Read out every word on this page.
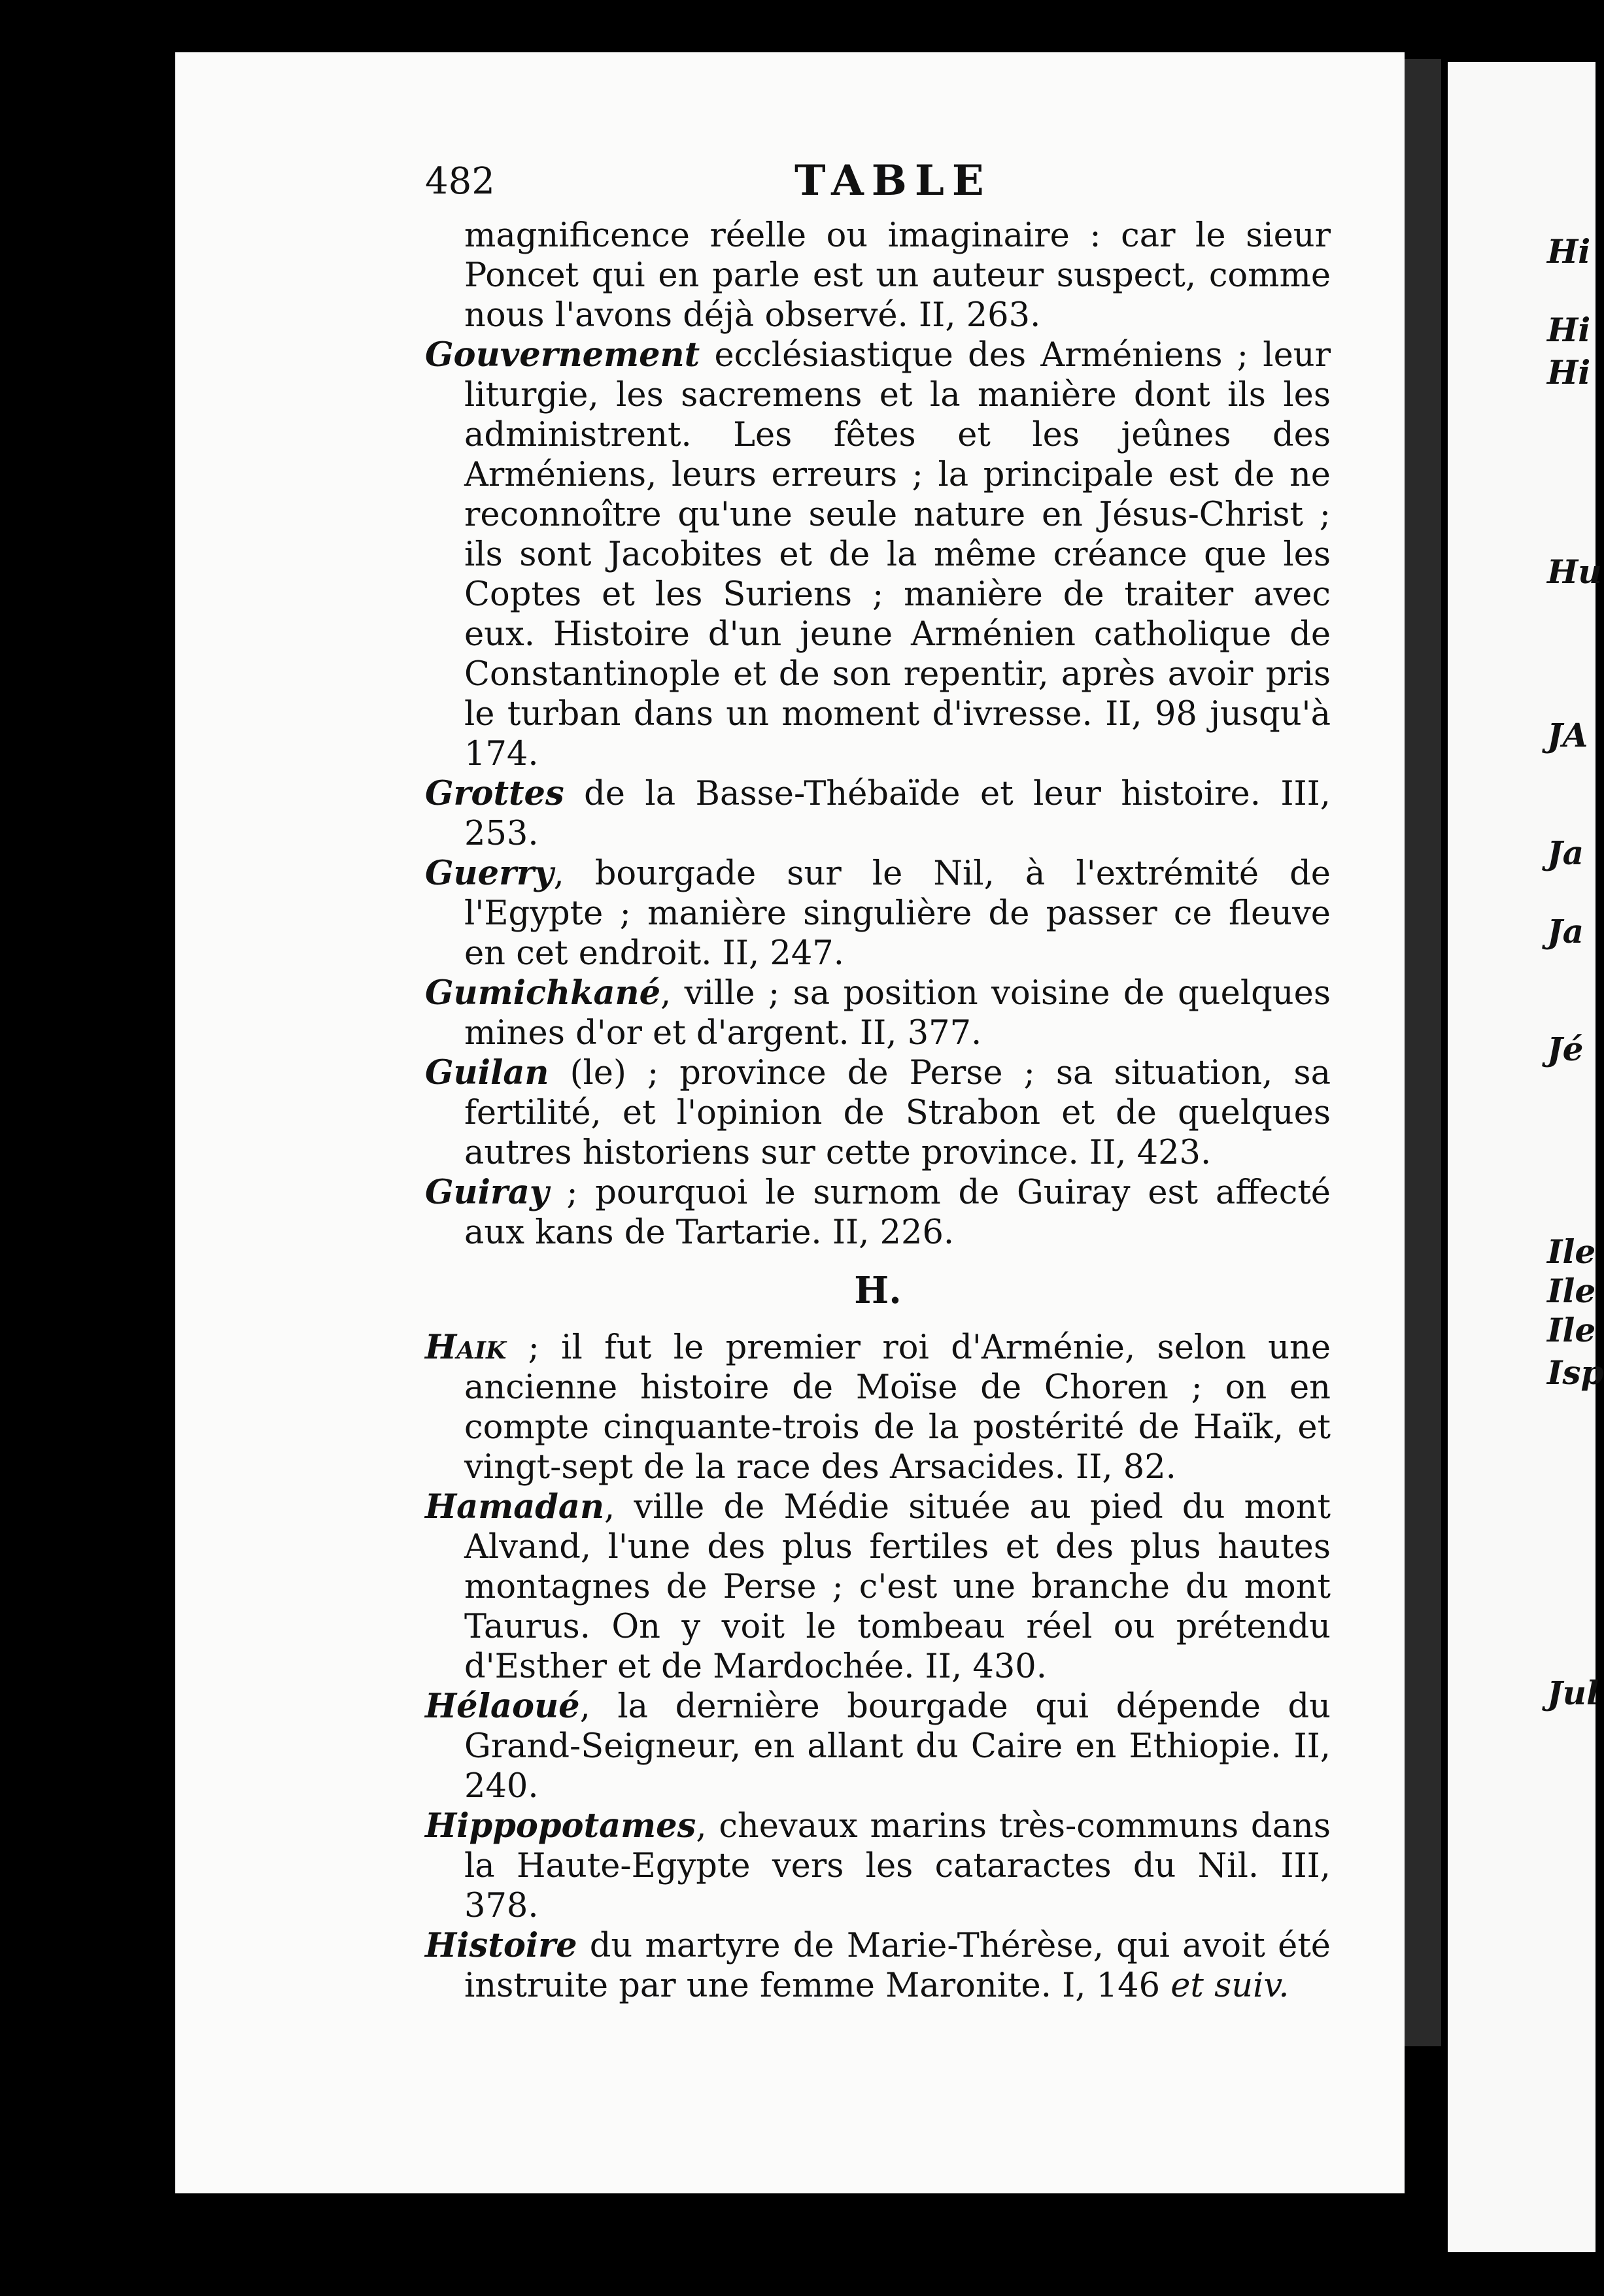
482	TABLE

magnificence réelle ou imaginaire : car le sieur Poncet qui en parle est un auteur suspect, comme nous l'avons déjà observé. II, 263.

Gouvernement ecclésiastique des Arméniens ; leur liturgie, les sacremens et la manière dont ils les administrent. Les fêtes et les jeûnes des Arméniens, leurs erreurs ; la principale est de ne reconnoître qu'une seule nature en Jésus-Christ ; ils sont Jacobites et de la même créance que les Coptes et les Suriens ; manière de traiter avec eux. Histoire d'un jeune Arménien catholique de Constantinople et de son repentir, après avoir pris le turban dans un moment d'ivresse. II, 98 jusqu'à 174.

Grottes de la Basse-Thébaïde et leur histoire. III, 253.

Guerry, bourgade sur le Nil, à l'extrémité de l'Egypte ; manière singulière de passer ce fleuve en cet endroit. II, 247.

Gumichkané, ville ; sa position voisine de quelques mines d'or et d'argent. II, 377.

Guilan (le) ; province de Perse ; sa situation, sa fertilité, et l'opinion de Strabon et de quelques autres historiens sur cette province. II, 423.

Guiray ; pourquoi le surnom de Guiray est affecté aux kans de Tartarie. II, 226.

H.

Haik ; il fut le premier roi d'Arménie, selon une ancienne histoire de Moïse de Choren ; on en compte cinquante-trois de la postérité de Haïk, et vingt-sept de la race des Arsacides. II, 82.

Hamadan, ville de Médie située au pied du mont Alvand, l'une des plus fertiles et des plus hautes montagnes de Perse ; c'est une branche du mont Taurus. On y voit le tombeau réel ou prétendu d'Esther et de Mardochée. II, 430.

Hélaoué, la dernière bourgade qui dépende du Grand-Seigneur, en allant du Caire en Ethiopie. II, 240.

Hippopotames, chevaux marins très-communs dans la Haute-Egypte vers les cataractes du Nil. III, 378.

Histoire du martyre de Marie-Thérèse, qui avoit été instruite par une femme Maronite. I, 146 et suiv.

Hi
Hi
Hi
Hu
JA
Ja
Ja
Jé
Ile
Ile
Ile
Isp
Jul
